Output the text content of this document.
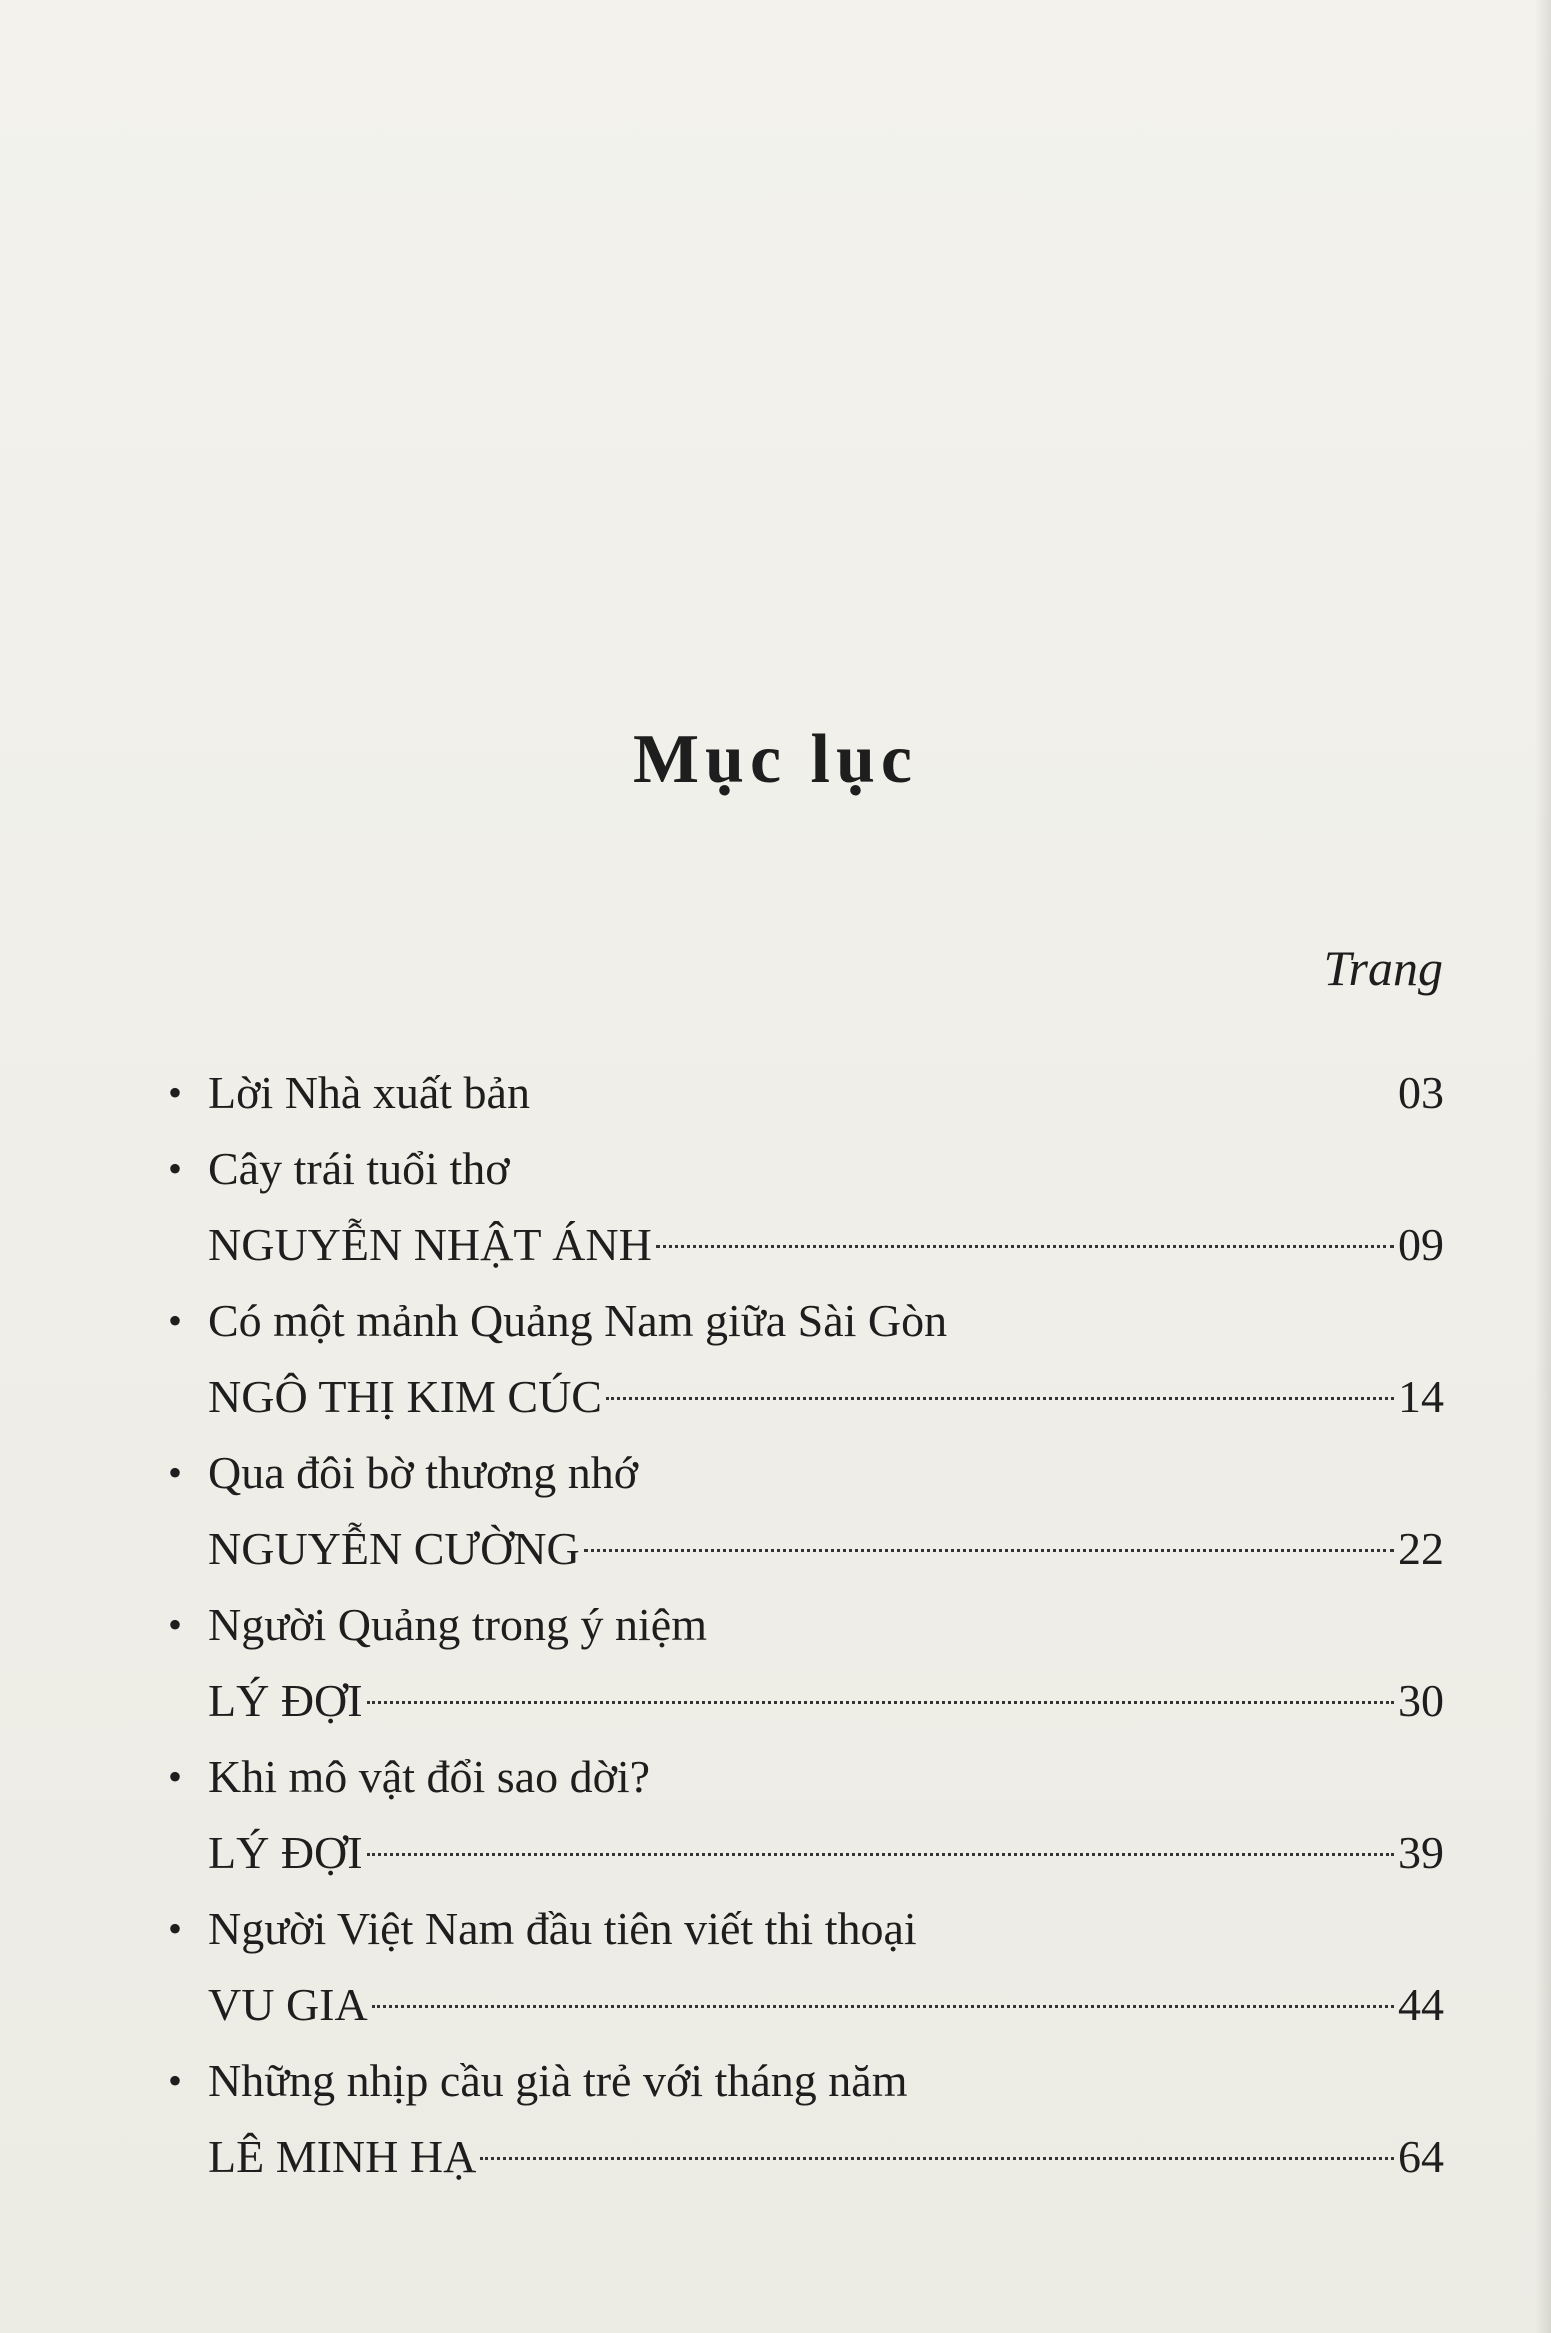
Mục lục
Trang
• Lời Nhà xuất bản	03
• Cây trái tuổi thơ
NGUYỄN NHẬT ÁNH	09
• Có một mảnh Quảng Nam giữa Sài Gòn
NGÔ THỊ KIM CÚC	14
• Qua đôi bờ thương nhớ
NGUYỄN CƯỜNG	22
• Người Quảng trong ý niệm
LÝ ĐỢI	30
• Khi mô vật đổi sao dời?
LÝ ĐỢI	39
• Người Việt Nam đầu tiên viết thi thoại
VU GIA	44
• Những nhịp cầu già trẻ với tháng năm
LÊ MINH HẠ	64
